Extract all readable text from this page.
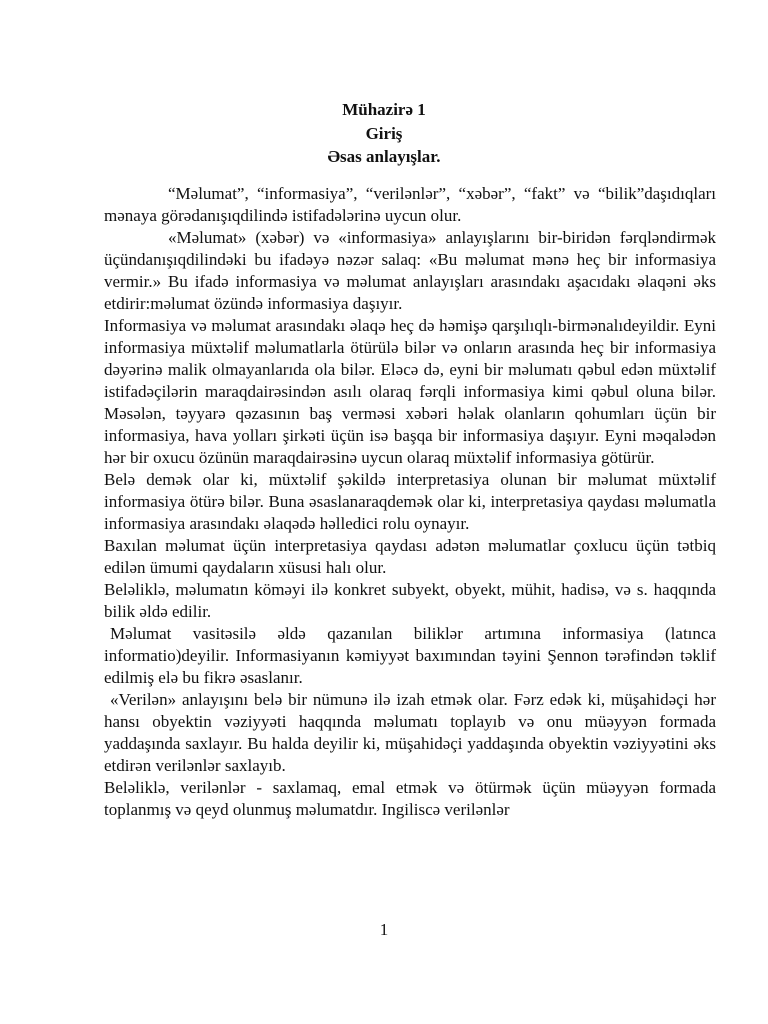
Mühazirə 1
Giriş
Əsas anlayışlar.

“Məlumat”, “informasiya”, “verilənlər”, “xəbər”, “fakt” və “bilik”daşıdıqları mənaya görədanışıqdilində istifadələrinə uycun olur.

«Məlumat» (xəbər) və «informasiya» anlayışlarını bir-biridən fərqləndirmək üçündanışıqdilindəki bu ifadəyə nəzər salaq: «Bu məlumat mənə heç bir informasiya vermir.» Bu ifadə informasiya və məlumat anlayışları arasındakı aşacıdakı əlaqəni əks etdirir:məlumat özündə informasiya daşıyır.

Informasiya və məlumat arasındakı əlaqə heç də həmişə qarşılıqlı-birmənalıdeyildir. Eyni informasiya müxtəlif məlumatlarla ötürülə bilər və onların arasında heç bir informasiya dəyərinə malik olmayanlarıda ola bilər. Eləcə də, eyni bir məlumatı qəbul edən müxtəlif istifadəçilərin maraqdairəsindən asılı olaraq fərqli informasiya kimi qəbul oluna bilər. Məsələn, təyyarə qəzasının baş verməsi xəbəri həlak olanların qohumları üçün bir informasiya, hava yolları şirkəti üçün isə başqa bir informasiya daşıyır. Eyni məqalədən hər bir oxucu özünün maraqdairəsinə uycun olaraq müxtəlif informasiya götürür.

Belə demək olar ki, müxtəlif şəkildə interpretasiya olunan bir məlumat müxtəlif informasiya ötürə bilər. Buna əsaslanaraqdemək olar ki, interpretasiya qaydası məlumatla informasiya arasındakı əlaqədə həlledici rolu oynayır.

Baxılan məlumat üçün interpretasiya qaydası adətən məlumatlar çoxlucu üçün tətbiq edilən ümumi qaydaların xüsusi halı olur.

Beləliklə, məlumatın köməyi ilə konkret subyekt, obyekt, mühit, hadisə, və s. haqqında bilik əldə edilir.

Məlumat vasitəsilə əldə qazanılan biliklər artımına informasiya (latınca informatio)deyilir. Informasiyanın kəmiyyət baxımından təyini Şennon tərəfindən təklif edilmiş elə bu fikrə əsaslanır.

«Verilən» anlayışını belə bir nümunə ilə izah etmək olar. Fərz edək ki, müşahidəçi hər hansı obyektin vəziyyəti haqqında məlumatı toplayıb və onu müəyyən formada yaddaşında saxlayır. Bu halda deyilir ki, müşahidəçi yaddaşında obyektin vəziyyətini əks etdirən verilənlər saxlayıb.

Beləliklə, verilənlər - saxlamaq, emal etmək və ötürmək üçün müəyyən formada toplanmış və qeyd olunmuş məlumatdır. Ingiliscə verilənlər

1
